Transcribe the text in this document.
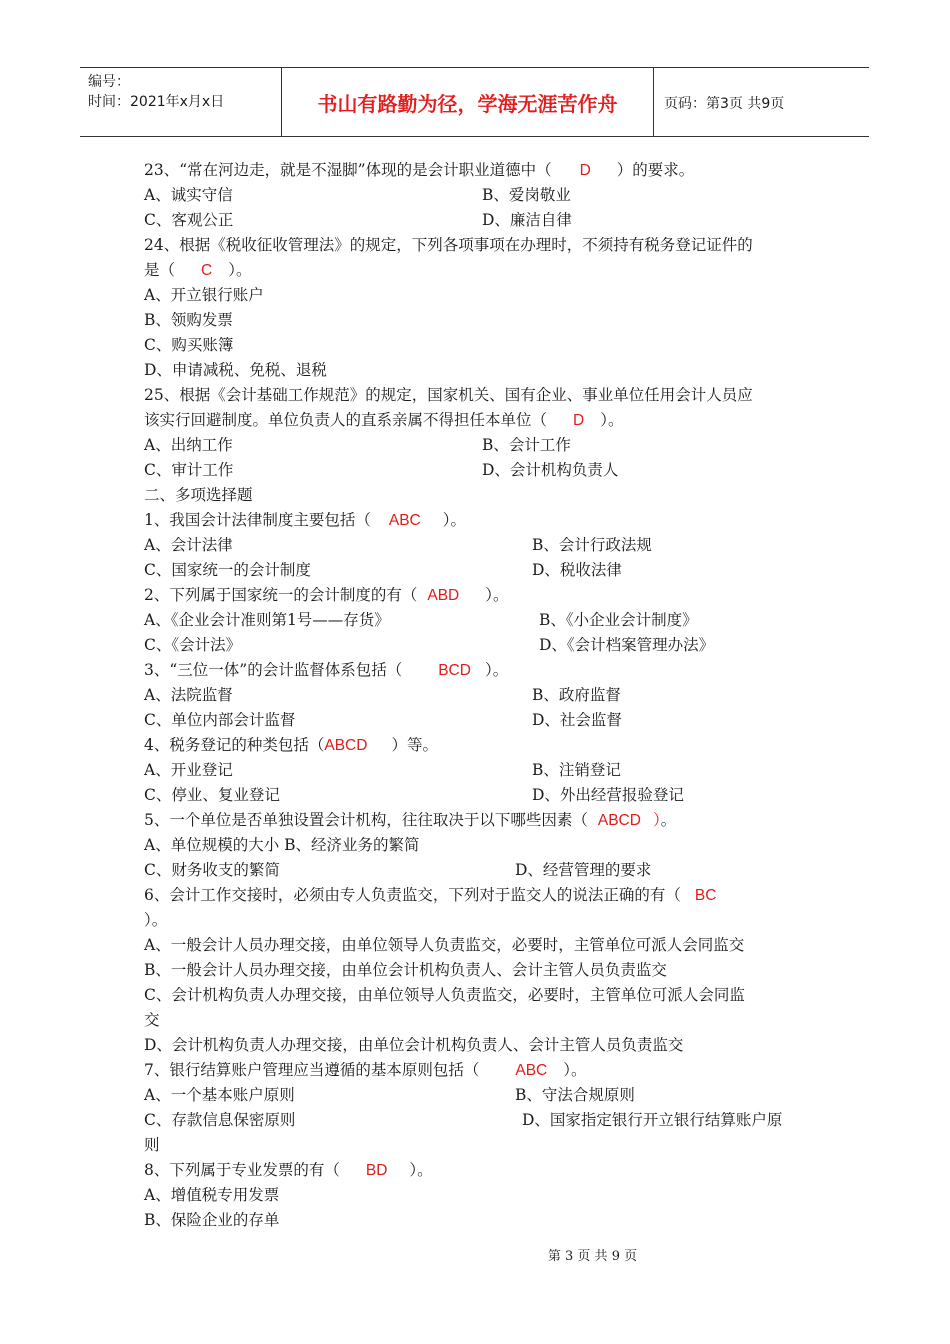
编号：
时间：2021年x月x日	书山有路勤为径，学海无涯苦作舟	页码：第3页 共9页
23、“常在河边走，就是不湿脚”体现的是会计职业道德中（ D ）的要求。
A、诚实守信	B、爱岗敬业
C、客观公正	D、廉洁自律
24、根据《税收征收管理法》的规定，下列各项事项在办理时，不须持有税务登记证件的
是（ C ）。
A、开立银行账户
B、领购发票
C、购买账簿
D、申请减税、免税、退税
25、根据《会计基础工作规范》的规定，国家机关、国有企业、事业单位任用会计人员应
该实行回避制度。单位负责人的直系亲属不得担任本单位（ D ）。
A、出纳工作	B、会计工作
C、审计工作	D、会计机构负责人
二、多项选择题
1、我国会计法律制度主要包括（ ABC ）。
A、会计法律	B、会计行政法规
C、国家统一的会计制度	D、税收法律
2、下列属于国家统一的会计制度的有（ ABD ）。
A、《企业会计准则第1号——存货》	B、《小企业会计制度》
C、《会计法》	D、《会计档案管理办法》
3、“三位一体”的会计监督体系包括（ BCD ）。
A、法院监督	B、政府监督
C、单位内部会计监督	D、社会监督
4、税务登记的种类包括（ABCD ）等。
A、开业登记	B、注销登记
C、停业、复业登记	D、外出经营报验登记
5、一个单位是否单独设置会计机构，往往取决于以下哪些因素（ ABCD ）。
A、单位规模的大小 B、经济业务的繁简
C、财务收支的繁简	D、经营管理的要求
6、会计工作交接时，必须由专人负责监交，下列对于监交人的说法正确的有（ BC
）。
A、一般会计人员办理交接，由单位领导人负责监交，必要时，主管单位可派人会同监交
B、一般会计人员办理交接，由单位会计机构负责人、会计主管人员负责监交
C、会计机构负责人办理交接，由单位领导人负责监交，必要时，主管单位可派人会同监
交
D、会计机构负责人办理交接，由单位会计机构负责人、会计主管人员负责监交
7、银行结算账户管理应当遵循的基本原则包括（ ABC ）。
A、一个基本账户原则	B、守法合规原则
C、存款信息保密原则	D、国家指定银行开立银行结算账户原
则
8、下列属于专业发票的有（ BD ）。
A、增值税专用发票
B、保险企业的存单
第 3 页 共 9 页
